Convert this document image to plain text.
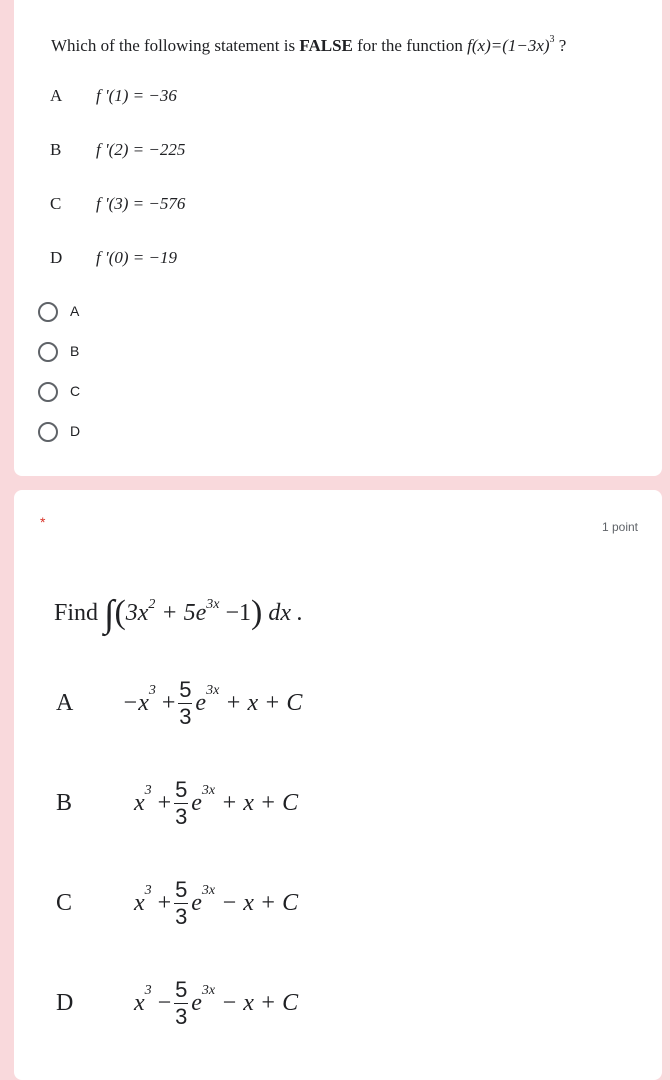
Which of the following statement is FALSE for the function $f(x)=(1-3x)^3$ ?
A f '(1) = −36
B f '(2) = −225
C f '(3) = −576
D f ′(0) = −19
A
B
C
D
*	1 point
Find $\int(3x^2 + 5e^{3x} -1)$ dx .
A −x $3 + \frac{5}{3}$ e 3x + x + C
B	x $3 + \frac{5}{3}$ e 3x + x + C
C	x $3 + \frac{5}{3}$ e 3x − x + C
D	x $3 - \frac{5}{3}$ e 3x − x + C
